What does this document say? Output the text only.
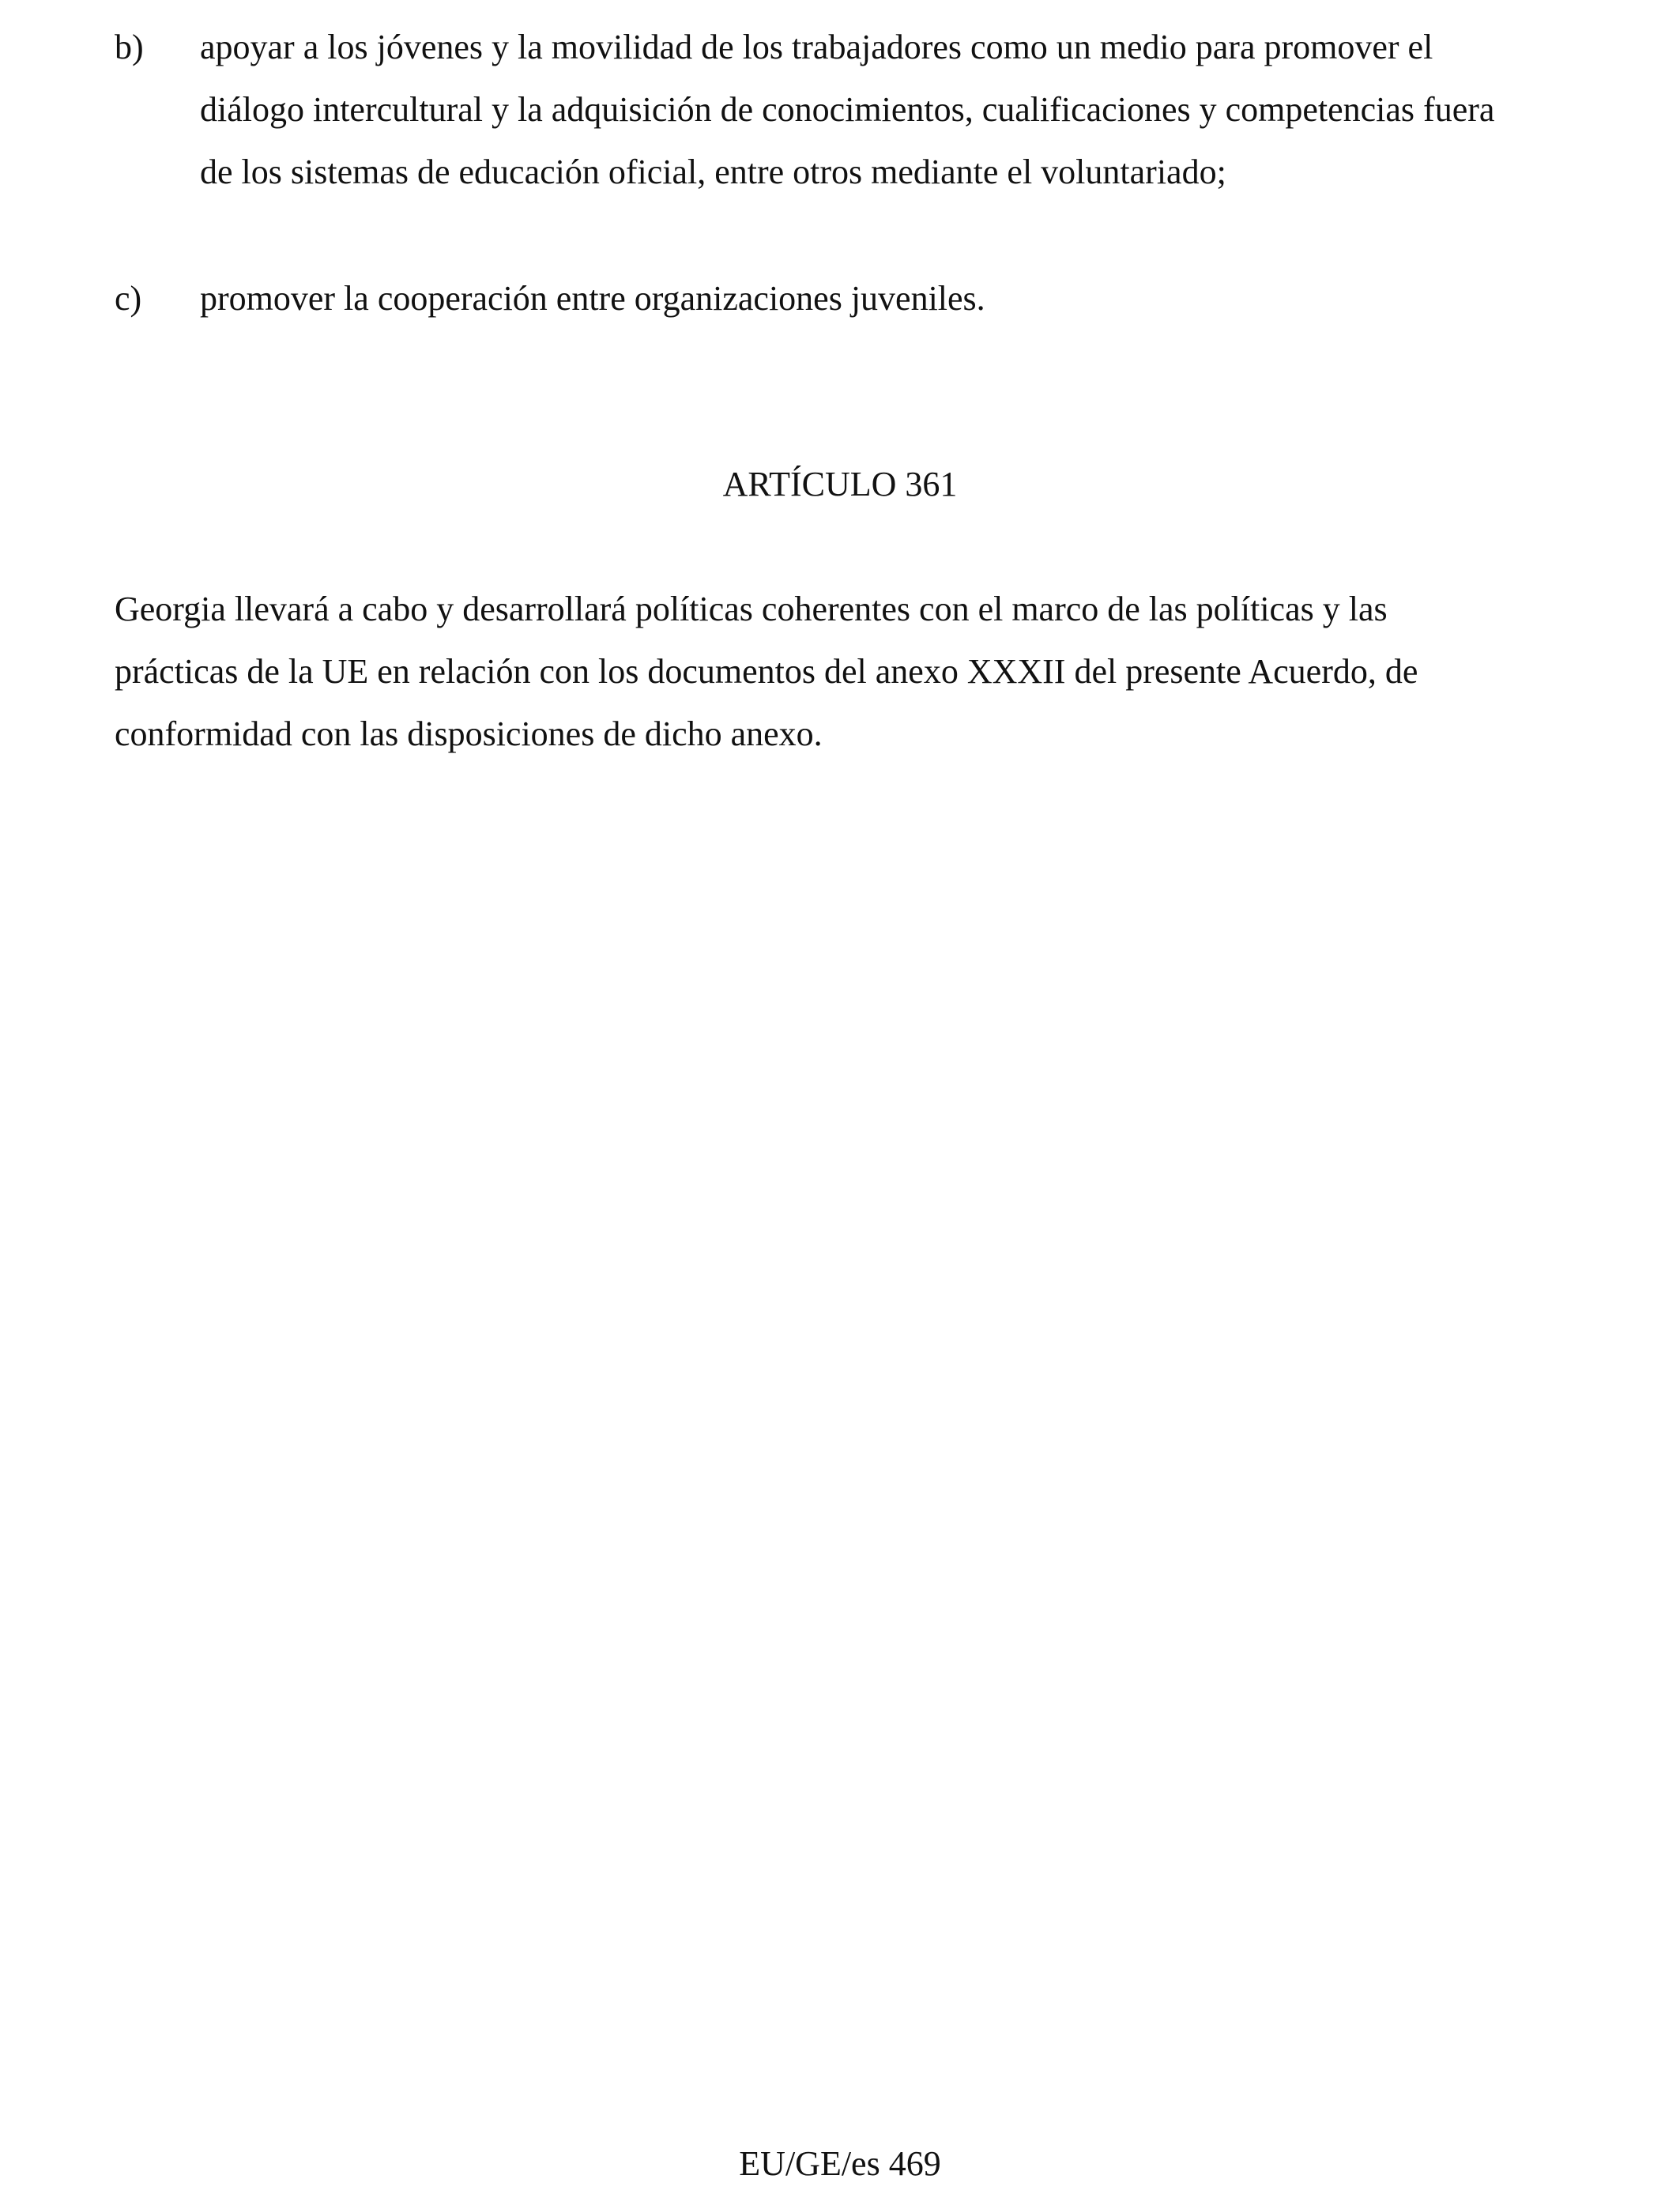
b) apoyar a los jóvenes y la movilidad de los trabajadores como un medio para promover el
diálogo intercultural y la adquisición de conocimientos, cualificaciones y competencias fuera
de los sistemas de educación oficial, entre otros mediante el voluntariado;
c) promover la cooperación entre organizaciones juveniles.
ARTÍCULO 361
Georgia llevará a cabo y desarrollará políticas coherentes con el marco de las políticas y las
prácticas de la UE en relación con los documentos del anexo XXXII del presente Acuerdo, de
conformidad con las disposiciones de dicho anexo.
EU/GE/es 469
